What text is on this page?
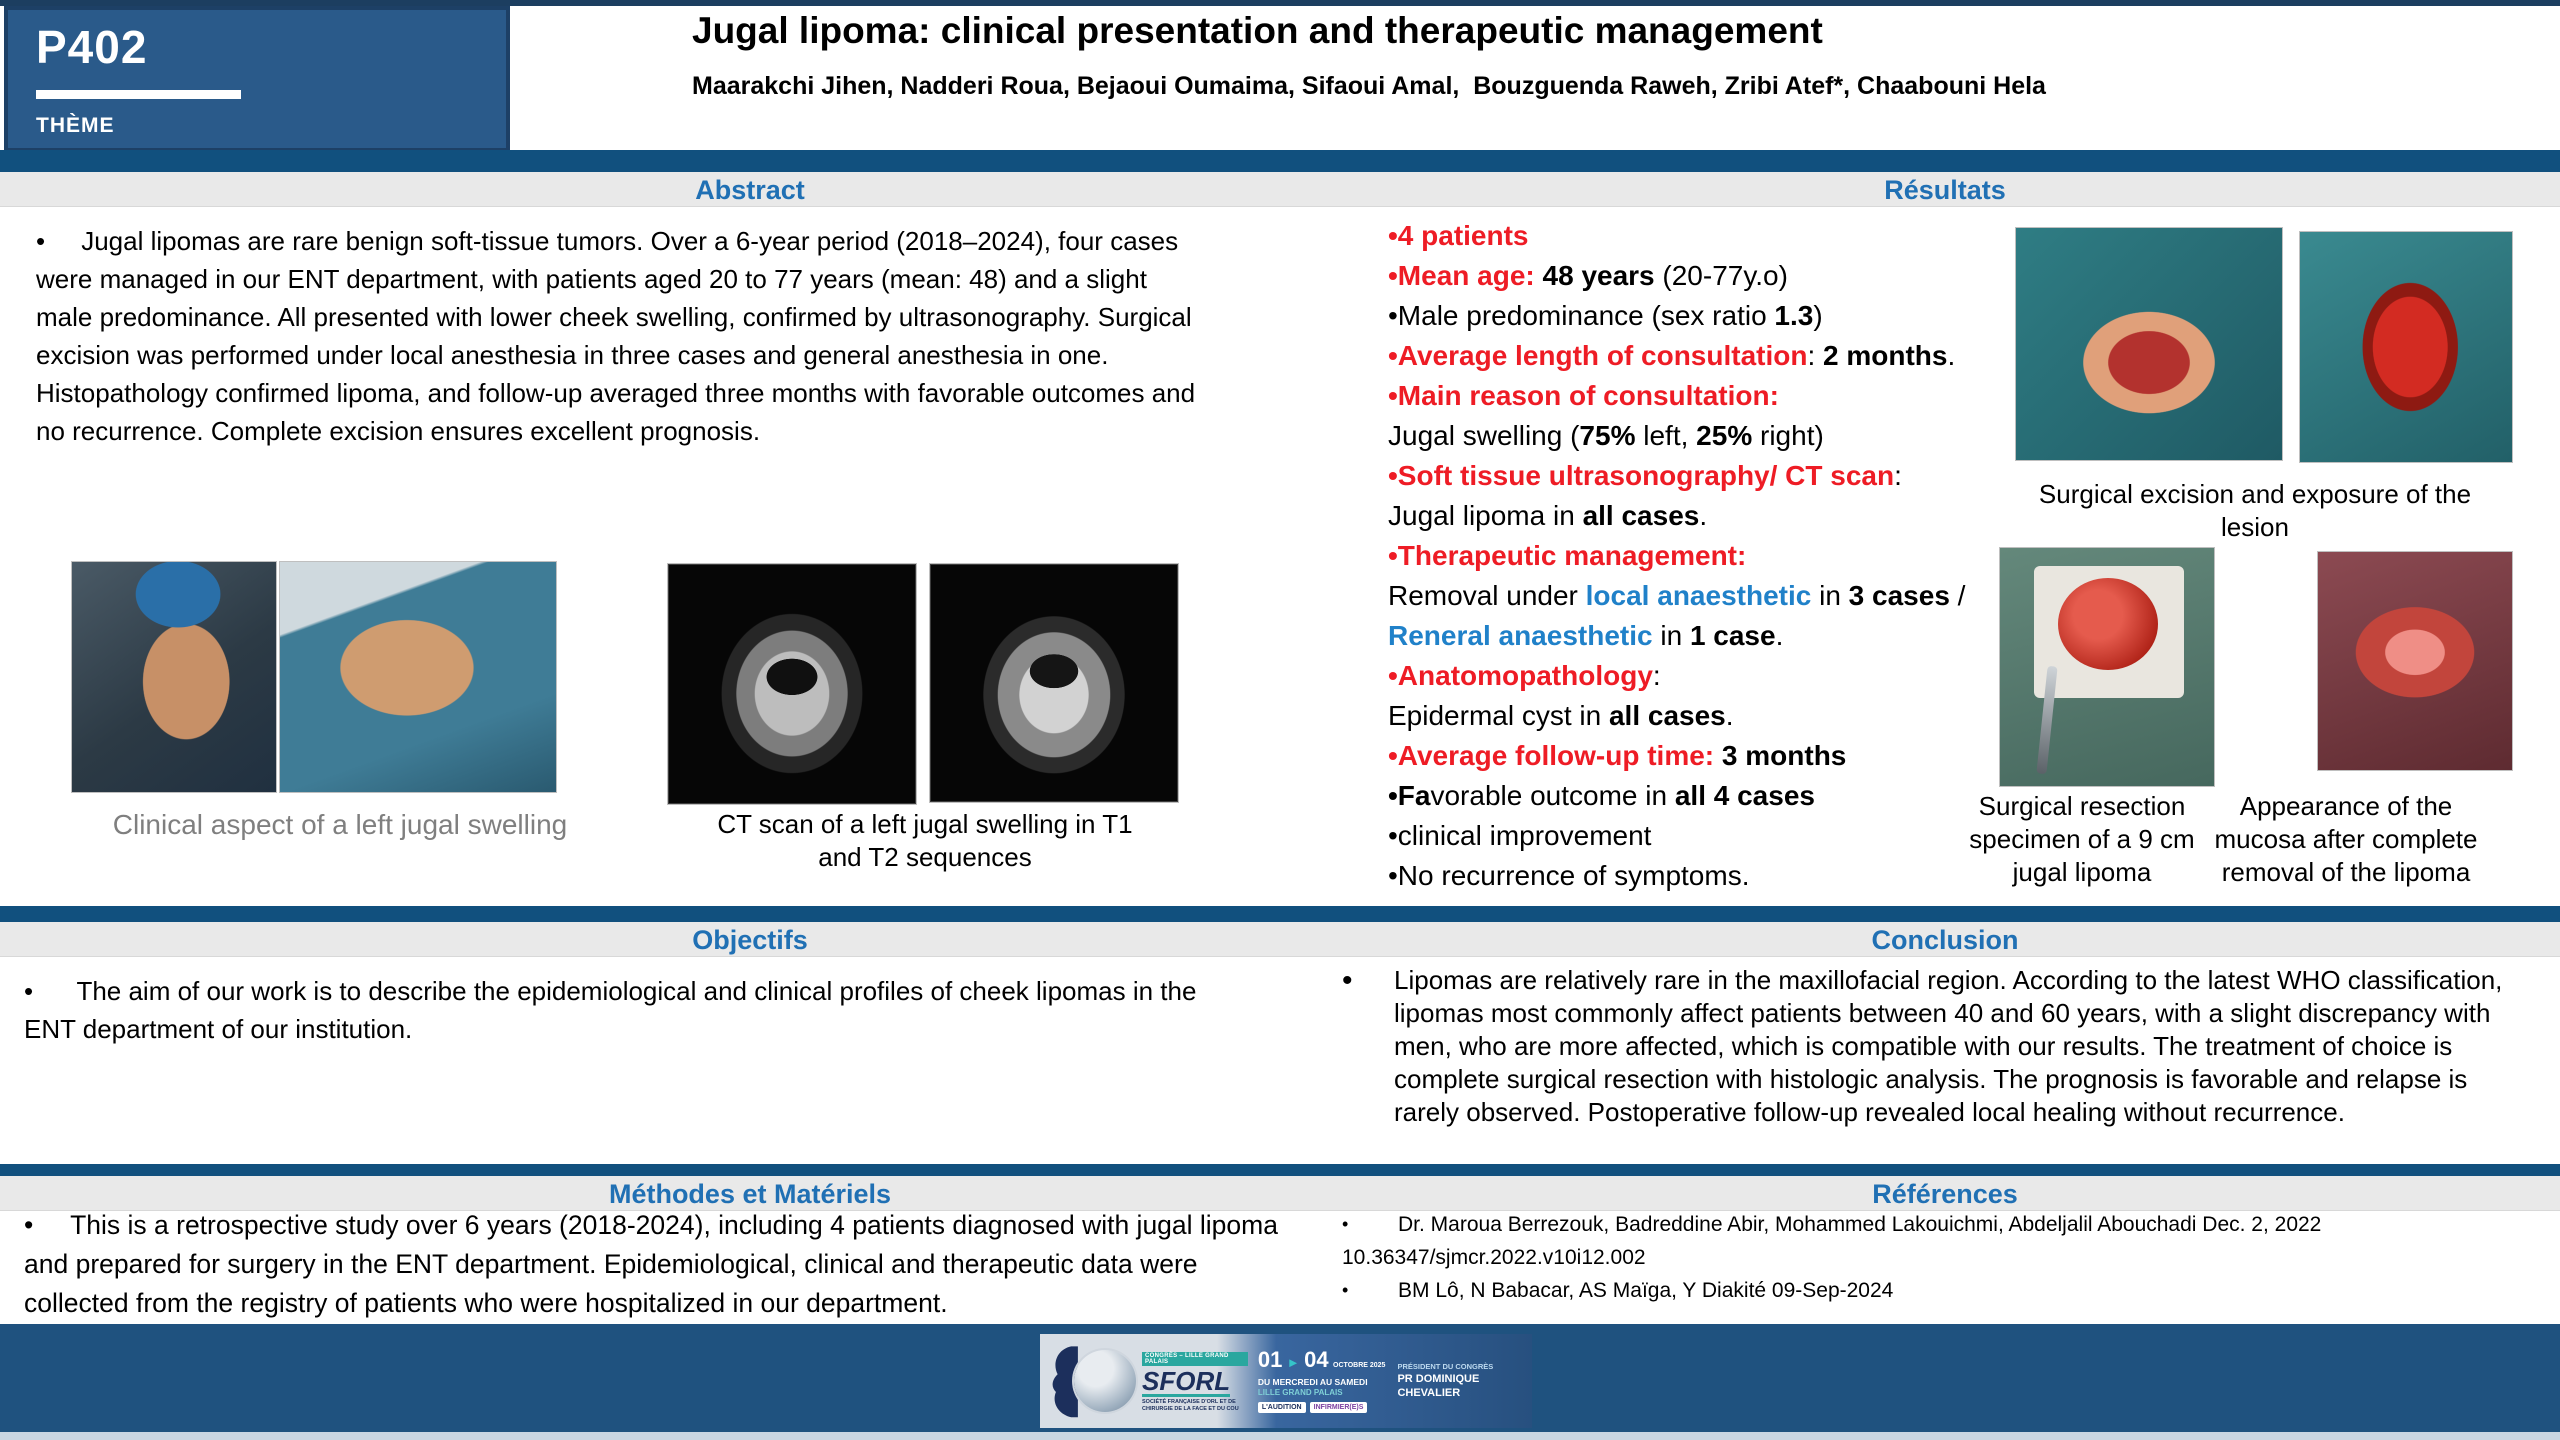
P402
THÈME
Jugal lipoma: clinical presentation and therapeutic management
Maarakchi Jihen, Nadderi Roua, Bejaoui Oumaima, Sifaoui Amal,  Bouzguenda Raweh, Zribi Atef*, Chaabouni Hela
Abstract	Résultats
•     Jugal lipomas are rare benign soft-tissue tumors. Over a 6-year period (2018–2024), four cases were managed in our ENT department, with patients aged 20 to 77 years (mean: 48) and a slight male predominance. All presented with lower cheek swelling, confirmed by ultrasonography. Surgical excision was performed under local anesthesia in three cases and general anesthesia in one. Histopathology confirmed lipoma, and follow-up averaged three months with favorable outcomes and no recurrence. Complete excision ensures excellent prognosis.
Clinical aspect of a left jugal swelling	CT scan of a left jugal swelling in T1 and T2 sequences
•4 patients
•Mean age: 48 years (20-77y.o)
•Male predominance (sex ratio 1.3)
•Average length of consultation: 2 months.
•Main reason of consultation:
Jugal swelling (75% left, 25% right)
•Soft tissue ultrasonography/ CT scan:
Jugal lipoma in all cases.
•Therapeutic management:
Removal under local anaesthetic in 3 cases /
Reneral anaesthetic in 1 case.
•Anatomopathology:
Epidermal cyst in all cases.
•Average follow-up time: 3 months
•Favorable outcome in all 4 cases
•clinical improvement
•No recurrence of symptoms.
Surgical excision and exposure of the lesion
Surgical resection specimen of a 9 cm jugal lipoma
Appearance of the mucosa after complete removal of the lipoma
Objectifs	Conclusion
•      The aim of our work is to describe the epidemiological and clinical profiles of cheek lipomas in the ENT department of our institution.
•	Lipomas are relatively rare in the maxillofacial region. According to the latest WHO classification, lipomas most commonly affect patients between 40 and 60 years, with a slight discrepancy with men, who are more affected, which is compatible with our results. The treatment of choice is complete surgical resection with histologic analysis. The prognosis is favorable and relapse is rarely observed. Postoperative follow-up revealed local healing without recurrence.
Méthodes et Matériels	Références
•     This is a retrospective study over 6 years (2018-2024), including 4 patients diagnosed with jugal lipoma and prepared for surgery in the ENT department. Epidemiological, clinical and therapeutic data were collected from the registry of patients who were hospitalized in our department.
•	Dr. Maroua Berrezouk, Badreddine Abir, Mohammed Lakouichmi, Abdeljalil Abouchadi Dec. 2, 2022
10.36347/sjmcr.2022.v10i12.002
•	BM Lô, N Babacar, AS Maïga, Y Diakité 09-Sep-2024
CONGRÈS – LILLE GRAND PALAIS
SFORL
SOCIÉTÉ FRANÇAISE D'ORL ET DE CHIRURGIE DE LA FACE ET DU COU
01 ► 04 OCTOBRE 2025
DU MERCREDI AU SAMEDI
LILLE GRAND PALAIS
L'AUDITION	INFIRMIER(E)S
PRÉSIDENT DU CONGRÈS
PR DOMINIQUE CHEVALIER
